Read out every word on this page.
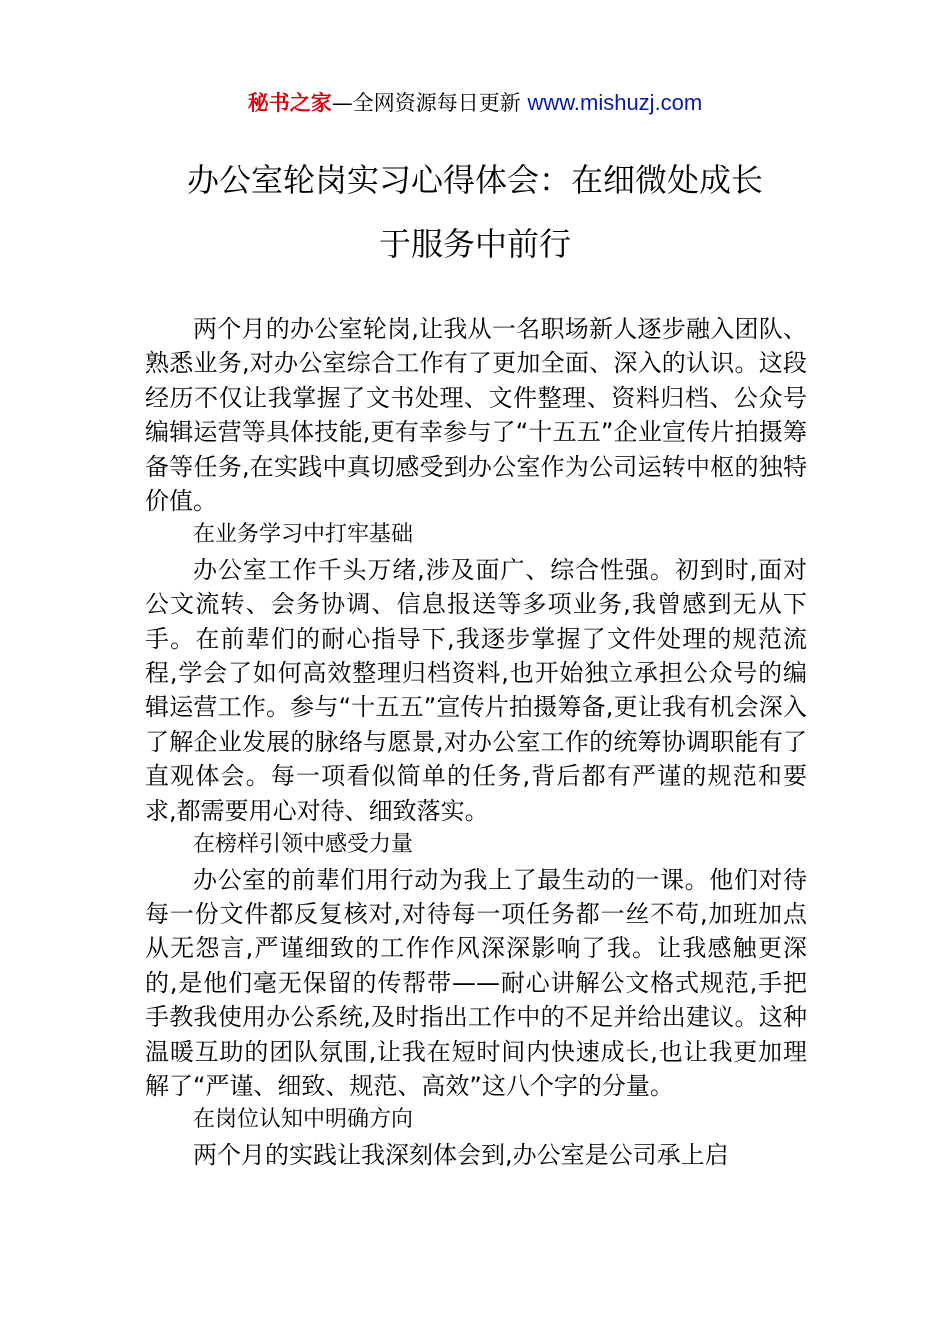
秘书之家—全网资源每日更新 www.mishuzj.com
办公室轮岗实习心得体会：在细微处成长
于服务中前行

两个月的办公室轮岗,让我从一名职场新人逐步融入团队、熟悉业务,对办公室综合工作有了更加全面、深入的认识。这段经历不仅让我掌握了文书处理、文件整理、资料归档、公众号编辑运营等具体技能,更有幸参与了“十五五”企业宣传片拍摄筹备等任务,在实践中真切感受到办公室作为公司运转中枢的独特价值。

在业务学习中打牢基础

办公室工作千头万绪,涉及面广、综合性强。初到时,面对公文流转、会务协调、信息报送等多项业务,我曾感到无从下手。在前辈们的耐心指导下,我逐步掌握了文件处理的规范流程,学会了如何高效整理归档资料,也开始独立承担公众号的编辑运营工作。参与“十五五”宣传片拍摄筹备,更让我有机会深入了解企业发展的脉络与愿景,对办公室工作的统筹协调职能有了直观体会。每一项看似简单的任务,背后都有严谨的规范和要求,都需要用心对待、细致落实。

在榜样引领中感受力量

办公室的前辈们用行动为我上了最生动的一课。他们对待每一份文件都反复核对,对待每一项任务都一丝不苟,加班加点从无怨言,严谨细致的工作作风深深影响了我。让我感触更深的,是他们毫无保留的传帮带——耐心讲解公文格式规范,手把手教我使用办公系统,及时指出工作中的不足并给出建议。这种温暖互助的团队氛围,让我在短时间内快速成长,也让我更加理解了“严谨、细致、规范、高效”这八个字的分量。

在岗位认知中明确方向

两个月的实践让我深刻体会到,办公室是公司承上启
